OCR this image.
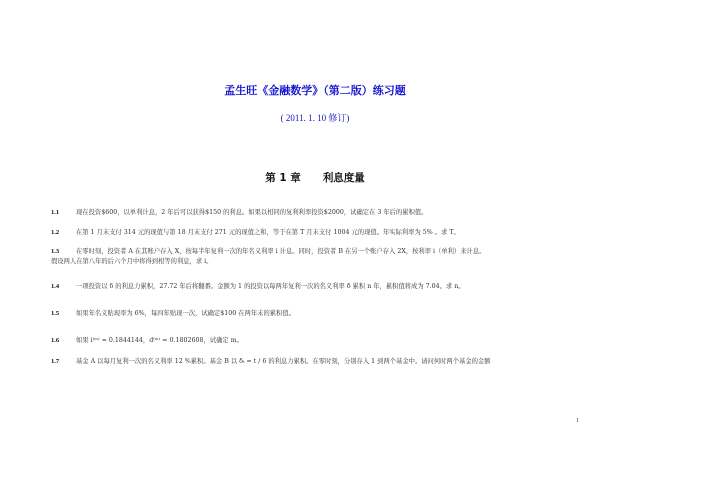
孟生旺《金融数学》（第二版）练习题
( 2011. 1. 10 修订)
第 1 章 利息度量
1.1	现在投资$600，以单利计息，2 年后可以获得$150 的利息。如果以相同的复利利率投资$2000，试确定在 3 年后的累积值。
1.2	在第 1 月末支付 314 元的现值与第 18 月末支付 271 元的现值之和，等于在第 T 月末支付 1004 元的现值。年实际利率为 5% 。求 T。
1.3	在零时刻，投资者 A 在其账户存入 X，按每半年复利一次的年名义利率 i 计息。同时，投资者 B 在另一个账户存入 2X，按利率 i（单利）来计息。
假设两人在第八年的后六个月中将得到相等的利息，求 i。
1.4	一项投资以 δ 的利息力累积，27.72 年后将翻番。金额为 1 的投资以每两年复利一次的名义利率 δ 累积 n 年，累积值将成为 7.04。求 n。
1.5	如果年名义贴现率为 6%，每四年贴现一次，试确定$100 在两年末的累积值。
1.6	如果 i⁽ᵐ⁾ = 0.1844144，d⁽ᵐ⁾ = 0.1802608，试确定 m。
1.7	基金 A 以每月复利一次的名义利率 12 %累积。基金 B 以 δₜ = t / 6 的利息力累积。在零时刻，分别存入 1 到两个基金中。请问何时两个基金的金额
1
